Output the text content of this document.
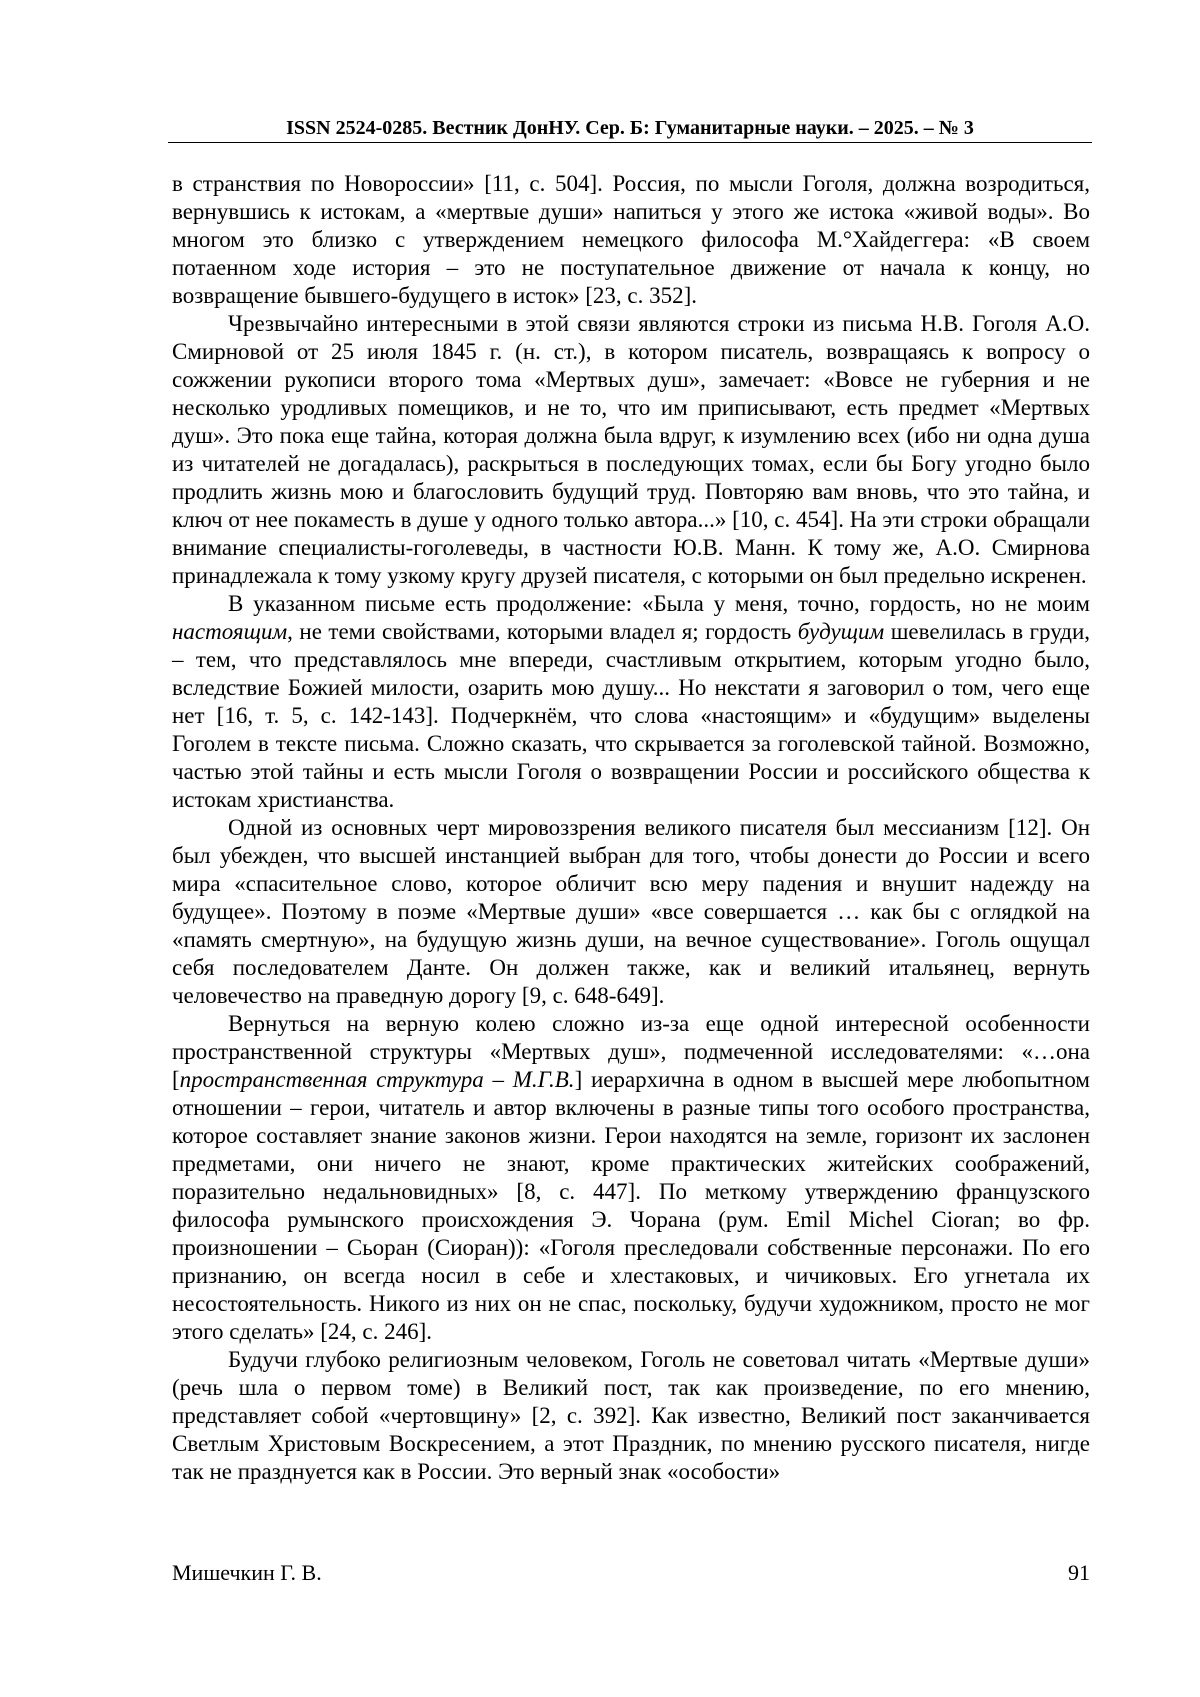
ISSN 2524-0285. Вестник ДонНУ. Сер. Б: Гуманитарные науки. – 2025. – № 3

в странствия по Новороссии» [11, с. 504]. Россия, по мысли Гоголя, должна возродиться, вернувшись к истокам, а «мертвые души» напиться у этого же истока «живой воды». Во многом это близко с утверждением немецкого философа М.°Хайдеггера: «В своем потаенном ходе история – это не поступательное движение от начала к концу, но возвращение бывшего-будущего в исток» [23, с. 352].

Чрезвычайно интересными в этой связи являются строки из письма Н.В. Гоголя А.О. Смирновой от 25 июля 1845 г. (н. ст.), в котором писатель, возвращаясь к вопросу о сожжении рукописи второго тома «Мертвых душ», замечает: «Вовсе не губерния и не несколько уродливых помещиков, и не то, что им приписывают, есть предмет «Мертвых душ». Это пока еще тайна, которая должна была вдруг, к изумлению всех (ибо ни одна душа из читателей не догадалась), раскрыться в последующих томах, если бы Богу угодно было продлить жизнь мою и благословить будущий труд. Повторяю вам вновь, что это тайна, и ключ от нее покаместь в душе у одного только автора...» [10, с. 454]. На эти строки обращали внимание специалисты-гоголеведы, в частности Ю.В. Манн. К тому же, А.О. Смирнова принадлежала к тому узкому кругу друзей писателя, с которыми он был предельно искренен.

В указанном письме есть продолжение: «Была у меня, точно, гордость, но не моим настоящим, не теми свойствами, которыми владел я; гордость будущим шевелилась в груди, – тем, что представлялось мне впереди, счастливым открытием, которым угодно было, вследствие Божией милости, озарить мою душу... Но некстати я заговорил о том, чего еще нет [16, т. 5, с. 142-143]. Подчеркнём, что слова «настоящим» и «будущим» выделены Гоголем в тексте письма. Сложно сказать, что скрывается за гоголевской тайной. Возможно, частью этой тайны и есть мысли Гоголя о возвращении России и российского общества к истокам христианства.

Одной из основных черт мировоззрения великого писателя был мессианизм [12]. Он был убежден, что высшей инстанцией выбран для того, чтобы донести до России и всего мира «спасительное слово, которое обличит всю меру падения и внушит надежду на будущее». Поэтому в поэме «Мертвые души» «все совершается … как бы с оглядкой на «память смертную», на будущую жизнь души, на вечное существование». Гоголь ощущал себя последователем Данте. Он должен также, как и великий итальянец, вернуть человечество на праведную дорогу [9, с. 648-649].

Вернуться на верную колею сложно из-за еще одной интересной особенности пространственной структуры «Мертвых душ», подмеченной исследователями: «…она [пространственная структура – М.Г.В.] иерархична в одном в высшей мере любопытном отношении – герои, читатель и автор включены в разные типы того особого пространства, которое составляет знание законов жизни. Герои находятся на земле, горизонт их заслонен предметами, они ничего не знают, кроме практических житейских соображений, поразительно недальновидных» [8, с. 447]. По меткому утверждению французского философа румынского происхождения Э. Чорана (рум. Emil Michel Cioran; во фр. произношении – Сьоран (Сиоран)): «Гоголя преследовали собственные персонажи. По его признанию, он всегда носил в себе и хлестаковых, и чичиковых. Его угнетала их несостоятельность. Никого из них он не спас, поскольку, будучи художником, просто не мог этого сделать» [24, с. 246].

Будучи глубоко религиозным человеком, Гоголь не советовал читать «Мертвые души» (речь шла о первом томе) в Великий пост, так как произведение, по его мнению, представляет собой «чертовщину» [2, с. 392]. Как известно, Великий пост заканчивается Светлым Христовым Воскресением, а этот Праздник, по мнению русского писателя, нигде так не празднуется как в России. Это верный знак «особости»

Мишечкин Г. В.	91
